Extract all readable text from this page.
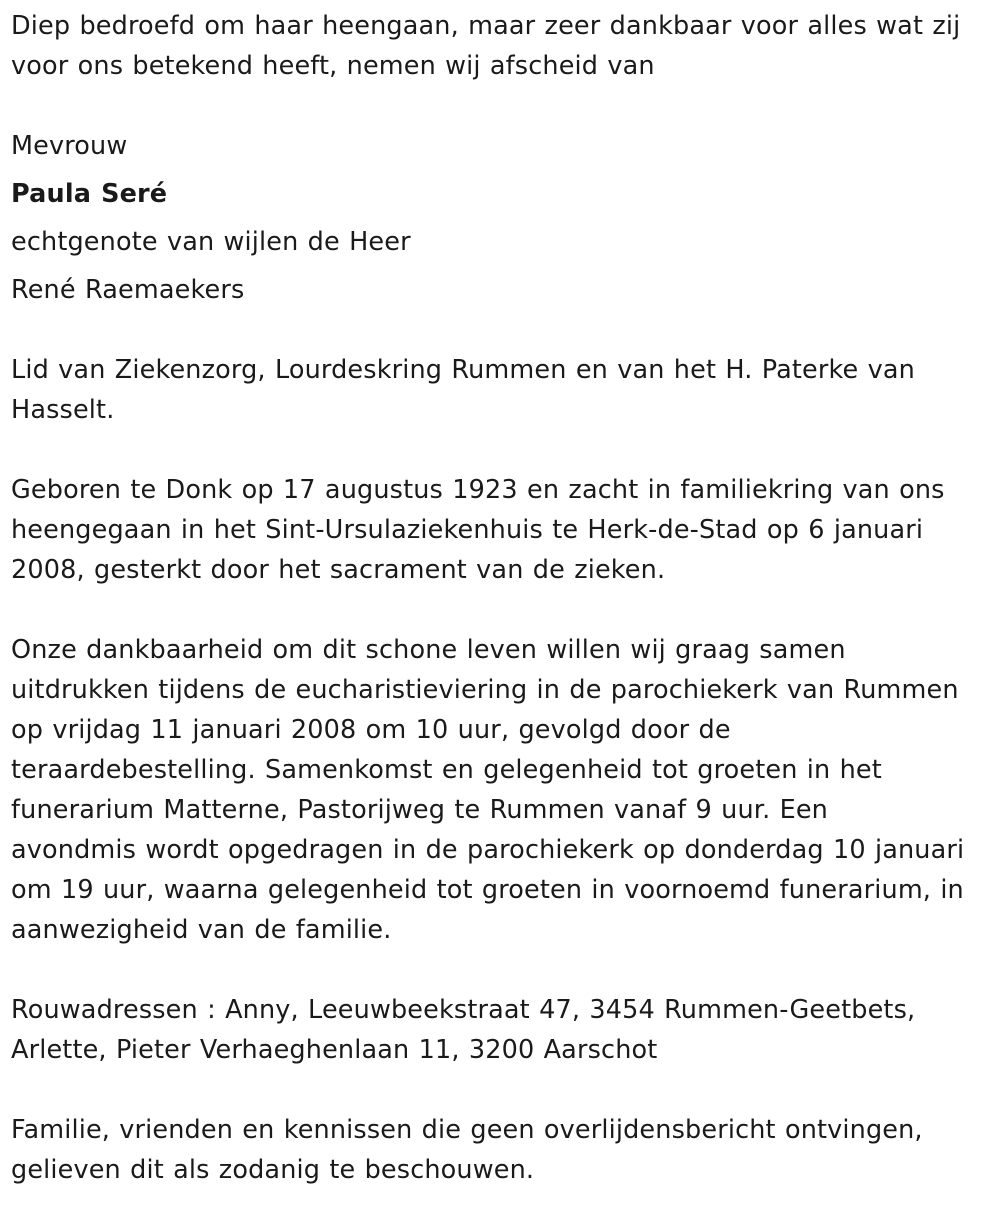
Diep bedroefd om haar heengaan, maar zeer dankbaar voor alles wat zij
voor ons betekend heeft, nemen wij afscheid van

Mevrouw
Paula Seré
echtgenote van wijlen de Heer
René Raemaekers

Lid van Ziekenzorg, Lourdeskring Rummen en van het H. Paterke van
Hasselt.

Geboren te Donk op 17 augustus 1923 en zacht in familiekring van ons
heengegaan in het Sint-Ursulaziekenhuis te Herk-de-Stad op 6 januari
2008, gesterkt door het sacrament van de zieken.

Onze dankbaarheid om dit schone leven willen wij graag samen
uitdrukken tijdens de eucharistieviering in de parochiekerk van Rummen
op vrijdag 11 januari 2008 om 10 uur, gevolgd door de
teraardebestelling. Samenkomst en gelegenheid tot groeten in het
funerarium Matterne, Pastorijweg te Rummen vanaf 9 uur. Een
avondmis wordt opgedragen in de parochiekerk op donderdag 10 januari
om 19 uur, waarna gelegenheid tot groeten in voornoemd funerarium, in
aanwezigheid van de familie.

Rouwadressen : Anny, Leeuwbeekstraat 47, 3454 Rummen-Geetbets,
Arlette, Pieter Verhaeghenlaan 11, 3200 Aarschot

Familie, vrienden en kennissen die geen overlijdensbericht ontvingen,
gelieven dit als zodanig te beschouwen.
